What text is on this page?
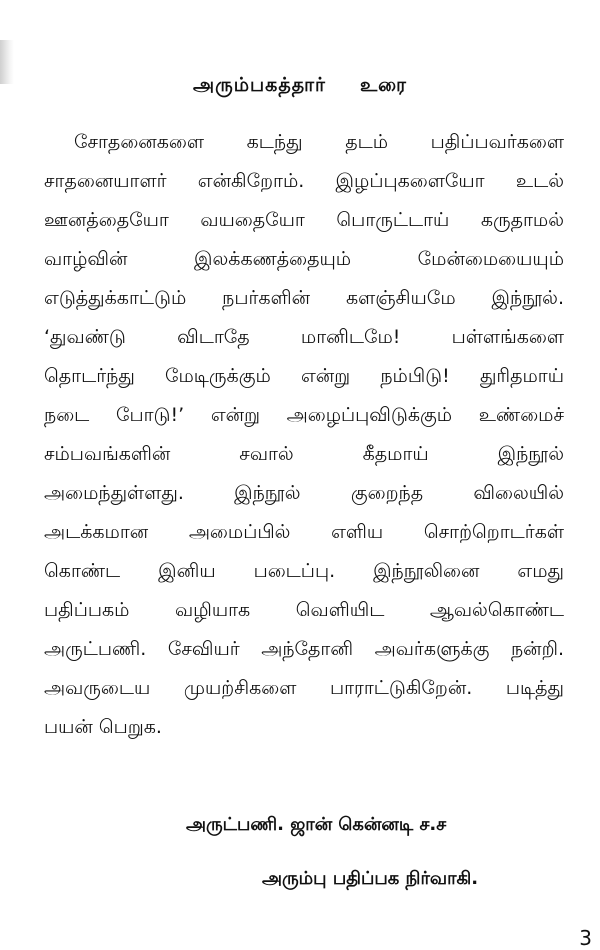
அரும்பகத்தார் உரை
சோதனைகளை கடந்து தடம் பதிப்பவர்களை
சாதனையாளர் என்கிறோம். இழப்புகளையோ உடல்
ஊனத்தையோ வயதையோ பொருட்டாய் கருதாமல்
வாழ்வின் இலக்கணத்தையும் மேன்மையையும்
எடுத்துக்காட்டும் நபர்களின் களஞ்சியமே இந்நூல்.
‘துவண்டு விடாதே மானிடமே! பள்ளங்களை
தொடர்ந்து மேடிருக்கும் என்று நம்பிடு! துரிதமாய்
நடை போடு!’ என்று அழைப்புவிடுக்கும் உண்மைச்
சம்பவங்களின் சவால் கீதமாய் இந்நூல்
அமைந்துள்ளது. இந்நூல் குறைந்த விலையில்
அடக்கமான அமைப்பில் எளிய சொற்றொடர்கள்
கொண்ட இனிய படைப்பு. இந்நூலினை எமது
பதிப்பகம் வழியாக வெளியிட ஆவல்கொண்ட
அருட்பணி. சேவியர் அந்தோனி அவர்களுக்கு நன்றி.
அவருடைய முயற்சிகளை பாராட்டுகிறேன். படித்து
பயன் பெறுக.
அருட்பணி. ஜான் கென்னடி ச.ச
அரும்பு பதிப்பக நிர்வாகி.
3
